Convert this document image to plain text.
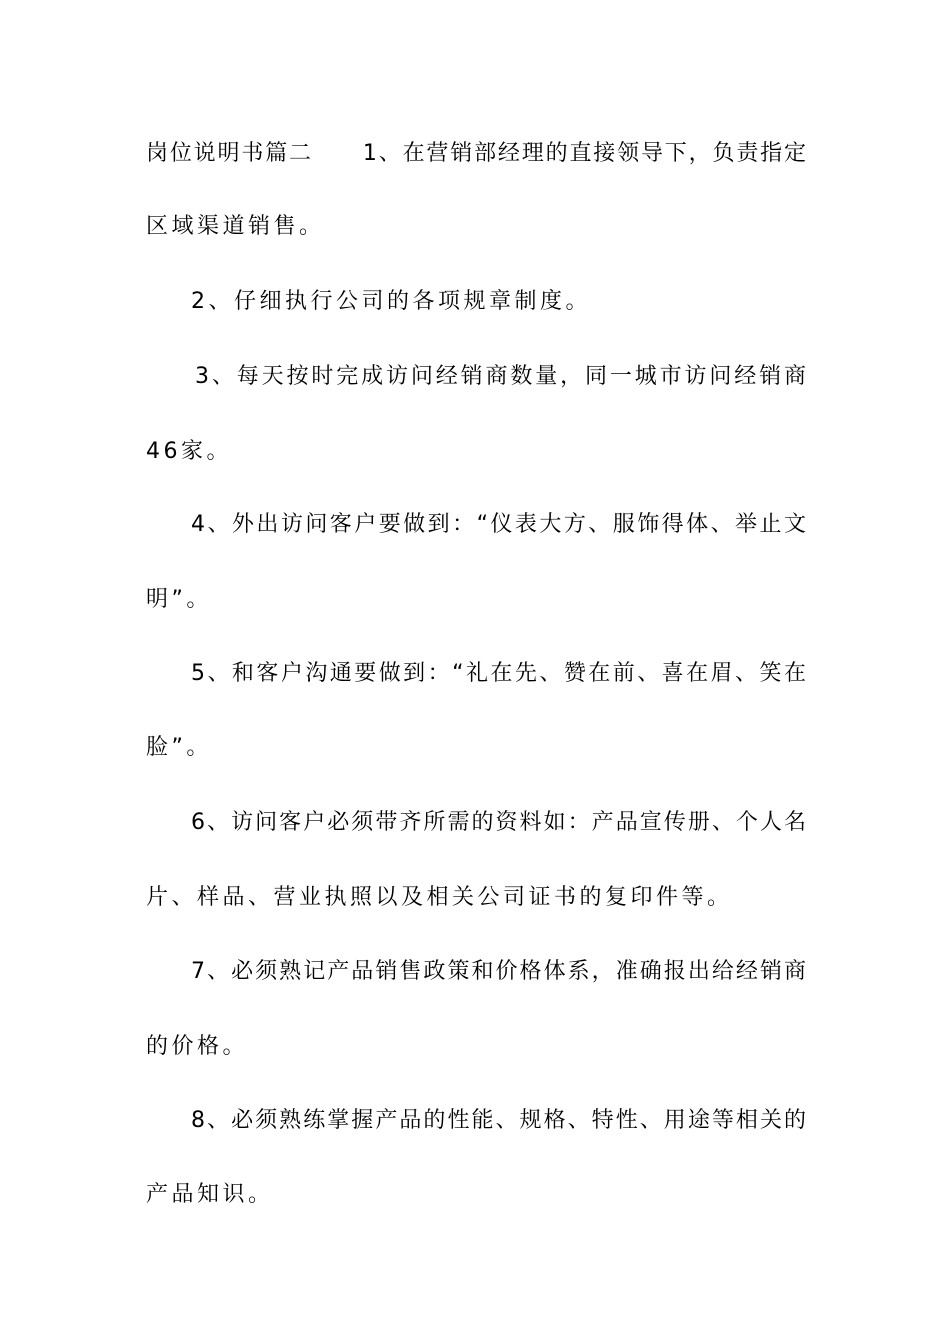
岗位说明书篇二 1、在营销部经理的直接领导下，负责指定
区域渠道销售。
2、仔细执行公司的各项规章制度。
3、每天按时完成访问经销商数量，同一城市访问经销商
46家。
4、外出访问客户要做到：“仪表大方、服饰得体、举止文
明”。
5、和客户沟通要做到：“礼在先、赞在前、喜在眉、笑在
脸”。
6、访问客户必须带齐所需的资料如：产品宣传册、个人名
片、样品、营业执照以及相关公司证书的复印件等。
7、必须熟记产品销售政策和价格体系，准确报出给经销商
的价格。
8、必须熟练掌握产品的性能、规格、特性、用途等相关的
产品知识。
